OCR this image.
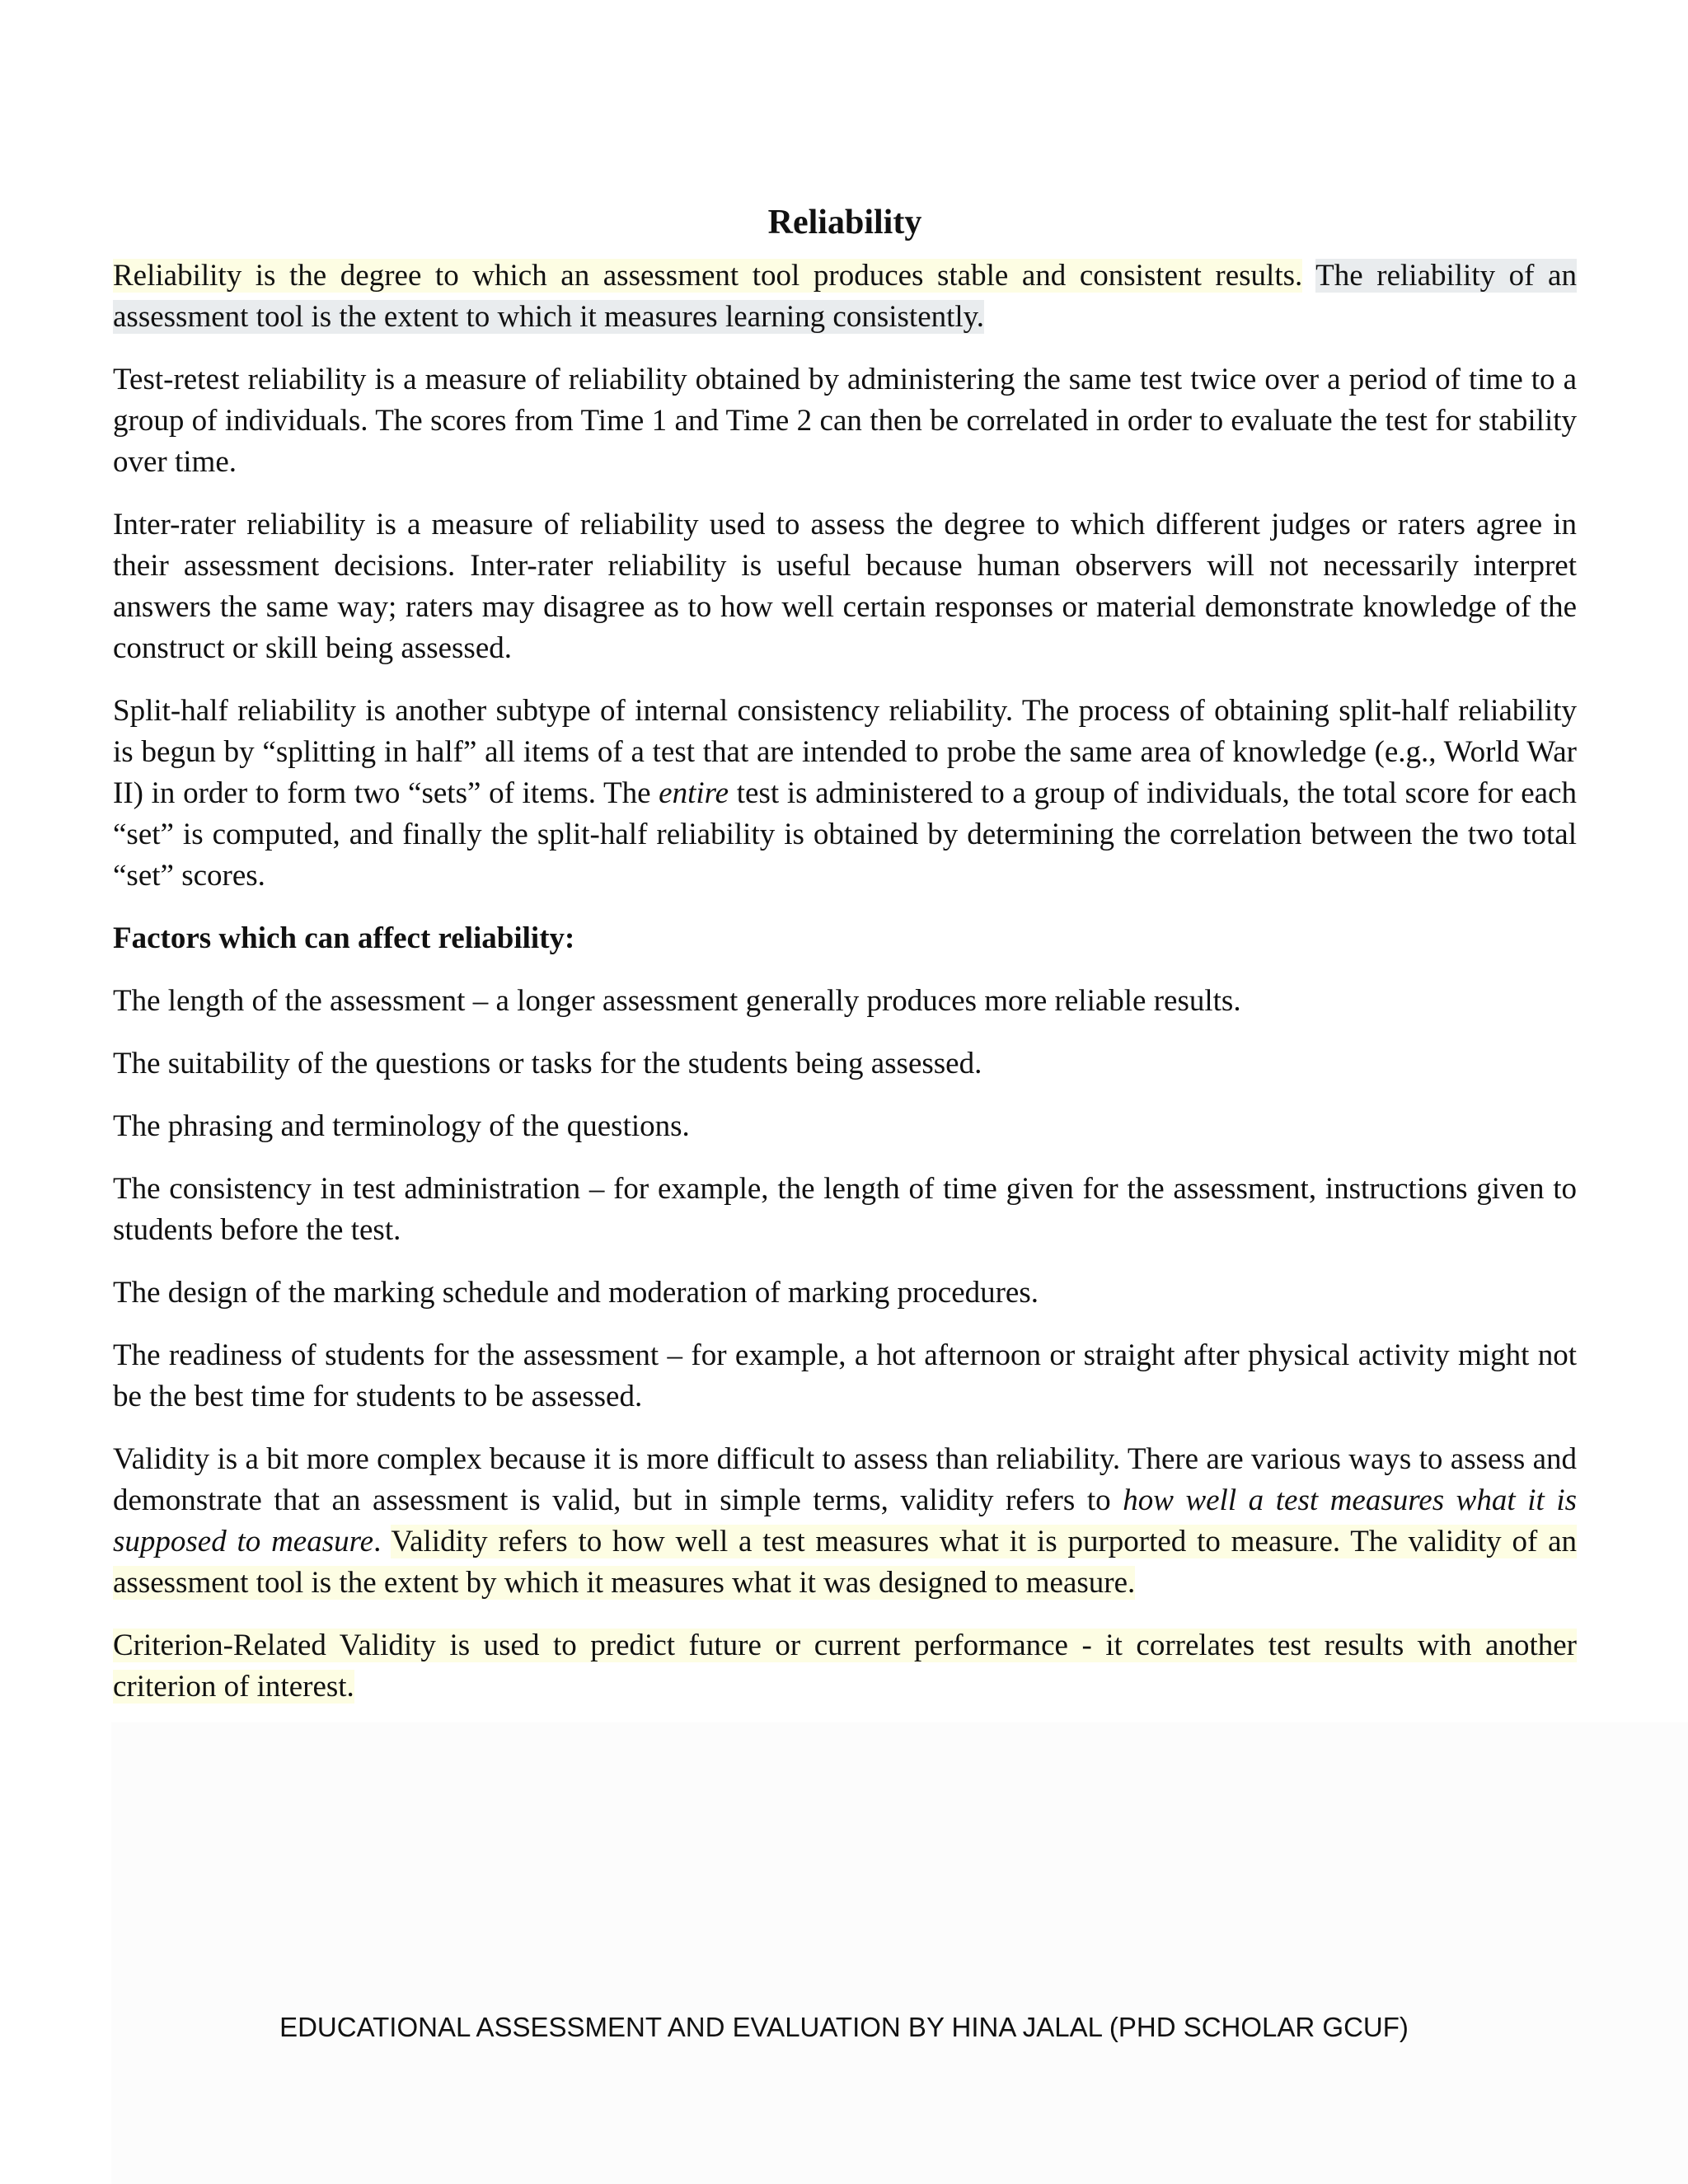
Reliability

Reliability is the degree to which an assessment tool produces stable and consistent results. The reliability of an assessment tool is the extent to which it measures learning consistently.

Test-retest reliability is a measure of reliability obtained by administering the same test twice over a period of time to a group of individuals. The scores from Time 1 and Time 2 can then be correlated in order to evaluate the test for stability over time.

Inter-rater reliability is a measure of reliability used to assess the degree to which different judges or raters agree in their assessment decisions. Inter-rater reliability is useful because human observers will not necessarily interpret answers the same way; raters may disagree as to how well certain responses or material demonstrate knowledge of the construct or skill being assessed.

Split-half reliability is another subtype of internal consistency reliability. The process of obtaining split-half reliability is begun by “splitting in half” all items of a test that are intended to probe the same area of knowledge (e.g., World War II) in order to form two “sets” of items. The entire test is administered to a group of individuals, the total score for each “set” is computed, and finally the split-half reliability is obtained by determining the correlation between the two total “set” scores.

Factors which can affect reliability:

The length of the assessment – a longer assessment generally produces more reliable results.

The suitability of the questions or tasks for the students being assessed.

The phrasing and terminology of the questions.

The consistency in test administration – for example, the length of time given for the assessment, instructions given to students before the test.

The design of the marking schedule and moderation of marking procedures.

The readiness of students for the assessment – for example, a hot afternoon or straight after physical activity might not be the best time for students to be assessed.

Validity is a bit more complex because it is more difficult to assess than reliability. There are various ways to assess and demonstrate that an assessment is valid, but in simple terms, validity refers to how well a test measures what it is supposed to measure. Validity refers to how well a test measures what it is purported to measure. The validity of an assessment tool is the extent by which it measures what it was designed to measure.

Criterion-Related Validity is used to predict future or current performance - it correlates test results with another criterion of interest.

EDUCATIONAL ASSESSMENT AND EVALUATION BY HINA JALAL (PHD SCHOLAR GCUF)
